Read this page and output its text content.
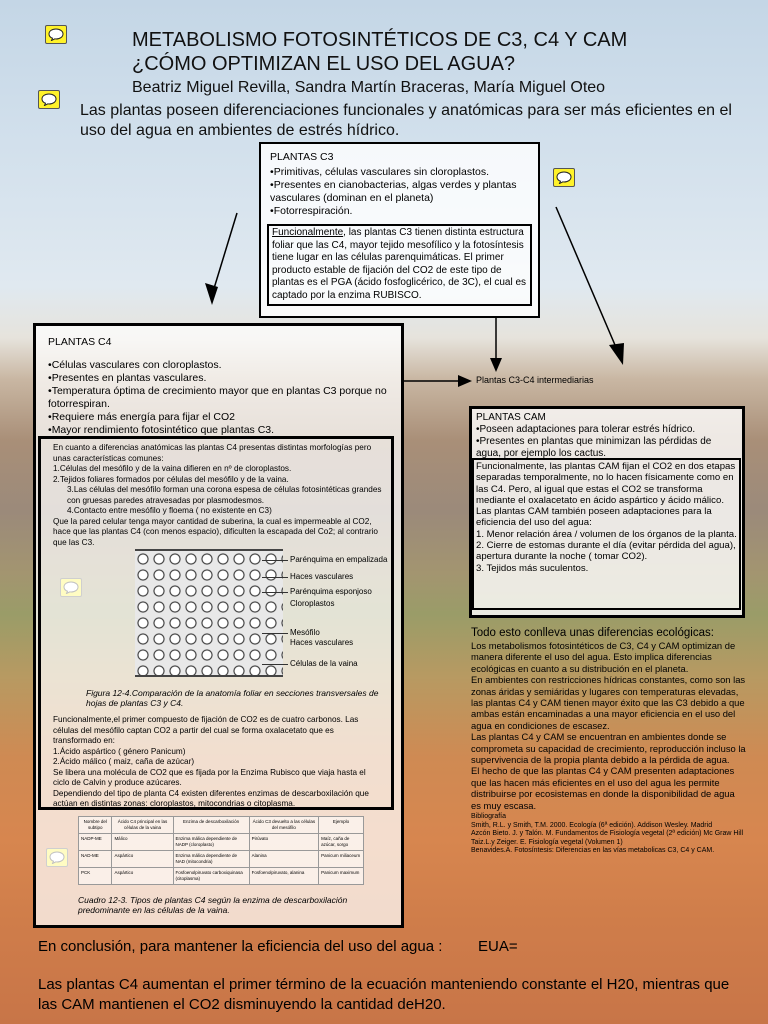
METABOLISMO FOTOSINTÉTICOS DE C3, C4 Y CAM
¿CÓMO OPTIMIZAN EL USO DEL AGUA?
Beatriz Miguel Revilla, Sandra Martín Braceras, María Miguel Oteo
Las plantas poseen diferenciaciones funcionales y anatómicas para ser más eficientes en el uso del agua en ambientes de estrés hídrico.
PLANTAS C3
• Primitivas, células vasculares sin cloroplastos.
• Presentes en cianobacterias, algas verdes y plantas vasculares (dominan en el planeta)
• Fotorrespiración.
Funcionalmente, las plantas C3 tienen distinta estructura foliar que las C4, mayor tejido mesofílico y la fotosíntesis tiene lugar en las células parenquimáticas. El primer producto estable de fijación del CO2 de este tipo de plantas es el PGA (ácido fosfoglicérico, de 3C), el cual es captado por la enzima RUBISCO.
Plantas C3-C4 intermediarias
PLANTAS C4
• Células vasculares con cloroplastos.
• Presentes en plantas vasculares.
• Temperatura óptima de crecimiento mayor que en plantas C3 porque no fotorrespiran.
• Requiere más energía para fijar el CO2
• Mayor rendimiento fotosintético que plantas C3.
En cuanto a diferencias anatómicas las plantas C4 presentas distintas morfologías pero unas características comunes:
1.Células del mesófilo y de la vaina difieren en nº de cloroplastos.
2.Tejidos foliares formados por células del mesófilo y de la vaina.
3.Las células del mesófilo forman una corona espesa de células fotosintéticas grandes con gruesas paredes atravesadas por plasmodesmos.
4.Contacto entre mesófilo y floema ( no existente en C3)
Que la pared celular tenga mayor cantidad de suberina, la cual es impermeable al CO2, hace que las plantas C4 (con menos espacio), dificulten la escapada del Co2; al contrario que las C3.
Funcionalmente,el primer compuesto de fijación de CO2 es de cuatro carbonos. Las células del mesófilo captan CO2 a partir del cual se forma oxalacetato que es transformado en:
1.Ácido aspártico ( género Panicum)
2.Ácido málico ( maiz, caña de azúcar)
Se libera una molécula de CO2 que es fijada por la Enzima Rubisco que viaja hasta el ciclo de Calvin y produce azúcares.
Dependiendo del tipo de planta C4 existen diferentes enzimas de descarboxilación que actúan en distintas zonas: cloroplastos, mitocondrias o citoplasma.
Parénquima en empalizada
Haces vasculares
Parénquima esponjoso
Cloroplastos
Mesófilo
Haces vasculares
Células de la vaina
Figura 12-4.Comparación de la anatomía foliar en secciones transversales de hojas de plantas C3 y C4.
Nombre del subtipo	Ácido C4 principal en las células de la vaina	Enzima de descarboxilación	Ácido C3 devuelto a las células del mesófilo	Ejemplo
NADP-ME	Málico	Enzima málica dependiente de NADP (cloroplasto)	Pirúvato	Maíz, caña de azúcar, sorgo
NAD-ME	Aspártico	Enzima málica dependiente de NAD (mitocondria)	Alanina	Panicum miliaceum
PCK	Aspártico	Fosfoenolpiruvato carboxiquinasa (citoplasma)	Fosfoenolpiruvato, alanina	Panicum maximum
Cuadro 12-3. Tipos de plantas C4 según la enzima de descarboxilación predominante en las células de la vaina.
PLANTAS CAM
• Poseen adaptaciones para tolerar estrés hídrico.
• Presentes en plantas que minimizan las pérdidas de agua, por ejemplo los cactus.
Funcionalmente, las plantas CAM fijan el CO2 en dos etapas separadas temporalmente, no lo hacen físicamente como en las C4. Pero, al igual que estas el CO2 se transforma mediante el oxalacetato en ácido aspártico y ácido málico.
Las plantas CAM también poseen adaptaciones para la eficiencia del uso del agua:
1. Menor relación área / volumen de los órganos de la planta.
2. Cierre de estomas durante el día (evitar pérdida del agua), apertura durante la noche ( tomar CO2).
3. Tejidos más suculentos.
Todo esto conlleva unas diferencias ecológicas:
Los metabolismos fotosintéticos de C3, C4 y CAM optimizan de manera diferente el uso del agua. Esto implica diferencias ecológicas en cuanto a su distribución en el planeta.
En ambientes con restricciones hídricas constantes, como son las zonas áridas y semiáridas y lugares con temperaturas elevadas, las plantas C4 y CAM tienen mayor éxito que las C3 debido a que ambas están encaminadas a una mayor eficiencia en el uso del agua en condiciones de escasez.
Las plantas C4 y CAM se encuentran en ambientes donde se comprometa su capacidad de crecimiento, reproducción incluso la supervivencia de la propia planta debido a la pérdida de agua.
El hecho de que las plantas C4 y CAM presenten adaptaciones que las hacen más eficientes en el uso del agua les permite distribuirse por ecosistemas en donde la disponibilidad de agua es muy escasa.
Bibliografía
Smith, R.L. y Smith, T.M. 2000. Ecología (6ª edición). Addison Wesley. Madrid
Azcón Bieto. J. y Talón. M. Fundamentos de Fisiología vegetal (2ª edición) Mc Graw Hill
Taiz.L.y Zeiger. E. Fisiología vegetal (Volumen 1)
Benavides.A. Fotosíntesis: Diferencias en las vías metabolicas C3, C4 y CAM.
En conclusión, para mantener la eficiencia del uso del agua : EUA=
Las plantas C4 aumentan el primer término de la ecuación manteniendo constante el H20, mientras que las CAM mantienen el CO2 disminuyendo la cantidad deH20.
